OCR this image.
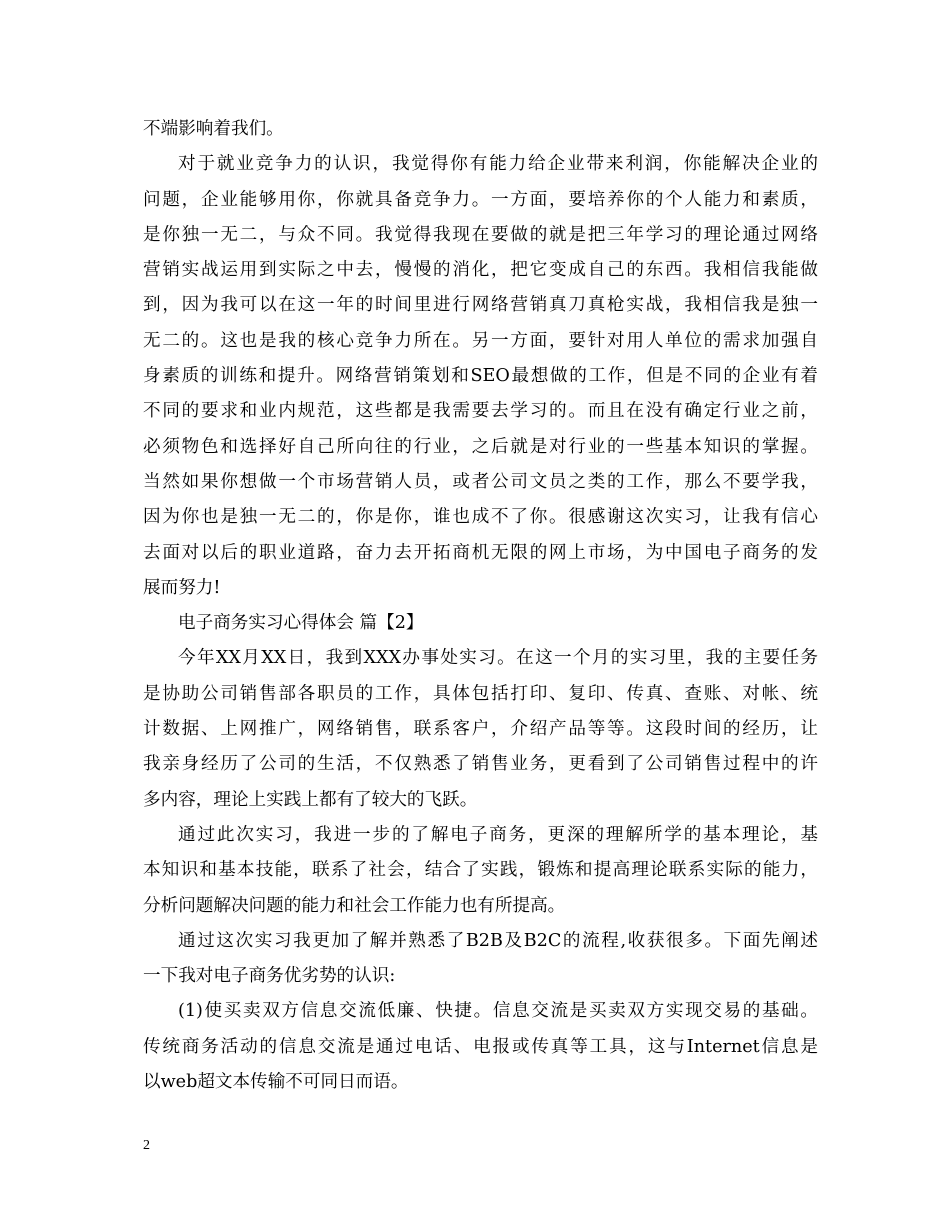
不端影响着我们。
对于就业竞争力的认识，我觉得你有能力给企业带来利润，你能解决企业的
问题，企业能够用你，你就具备竞争力。一方面，要培养你的个人能力和素质，
是你独一无二，与众不同。我觉得我现在要做的就是把三年学习的理论通过网络
营销实战运用到实际之中去，慢慢的消化，把它变成自己的东西。我相信我能做
到，因为我可以在这一年的时间里进行网络营销真刀真枪实战，我相信我是独一
无二的。这也是我的核心竞争力所在。另一方面，要针对用人单位的需求加强自
身素质的训练和提升。网络营销策划和SEO最想做的工作，但是不同的企业有着
不同的要求和业内规范，这些都是我需要去学习的。而且在没有确定行业之前，
必须物色和选择好自己所向往的行业，之后就是对行业的一些基本知识的掌握。
当然如果你想做一个市场营销人员，或者公司文员之类的工作，那么不要学我，
因为你也是独一无二的，你是你，谁也成不了你。很感谢这次实习，让我有信心
去面对以后的职业道路，奋力去开拓商机无限的网上市场，为中国电子商务的发
展而努力!
电子商务实习心得体会 篇【2】
今年XX月XX日，我到XXX办事处实习。在这一个月的实习里，我的主要任务
是协助公司销售部各职员的工作，具体包括打印、复印、传真、查账、对帐、统
计数据、上网推广，网络销售，联系客户，介绍产品等等。这段时间的经历，让
我亲身经历了公司的生活，不仅熟悉了销售业务，更看到了公司销售过程中的许
多内容，理论上实践上都有了较大的飞跃。
通过此次实习，我进一步的了解电子商务，更深的理解所学的基本理论，基
本知识和基本技能，联系了社会，结合了实践，锻炼和提高理论联系实际的能力，
分析问题解决问题的能力和社会工作能力也有所提高。
通过这次实习我更加了解并熟悉了B2B及B2C的流程,收获很多。下面先阐述
一下我对电子商务优劣势的认识:
(1)使买卖双方信息交流低廉、快捷。信息交流是买卖双方实现交易的基础。
传统商务活动的信息交流是通过电话、电报或传真等工具，这与Internet信息是
以web超文本传输不可同日而语。
2
